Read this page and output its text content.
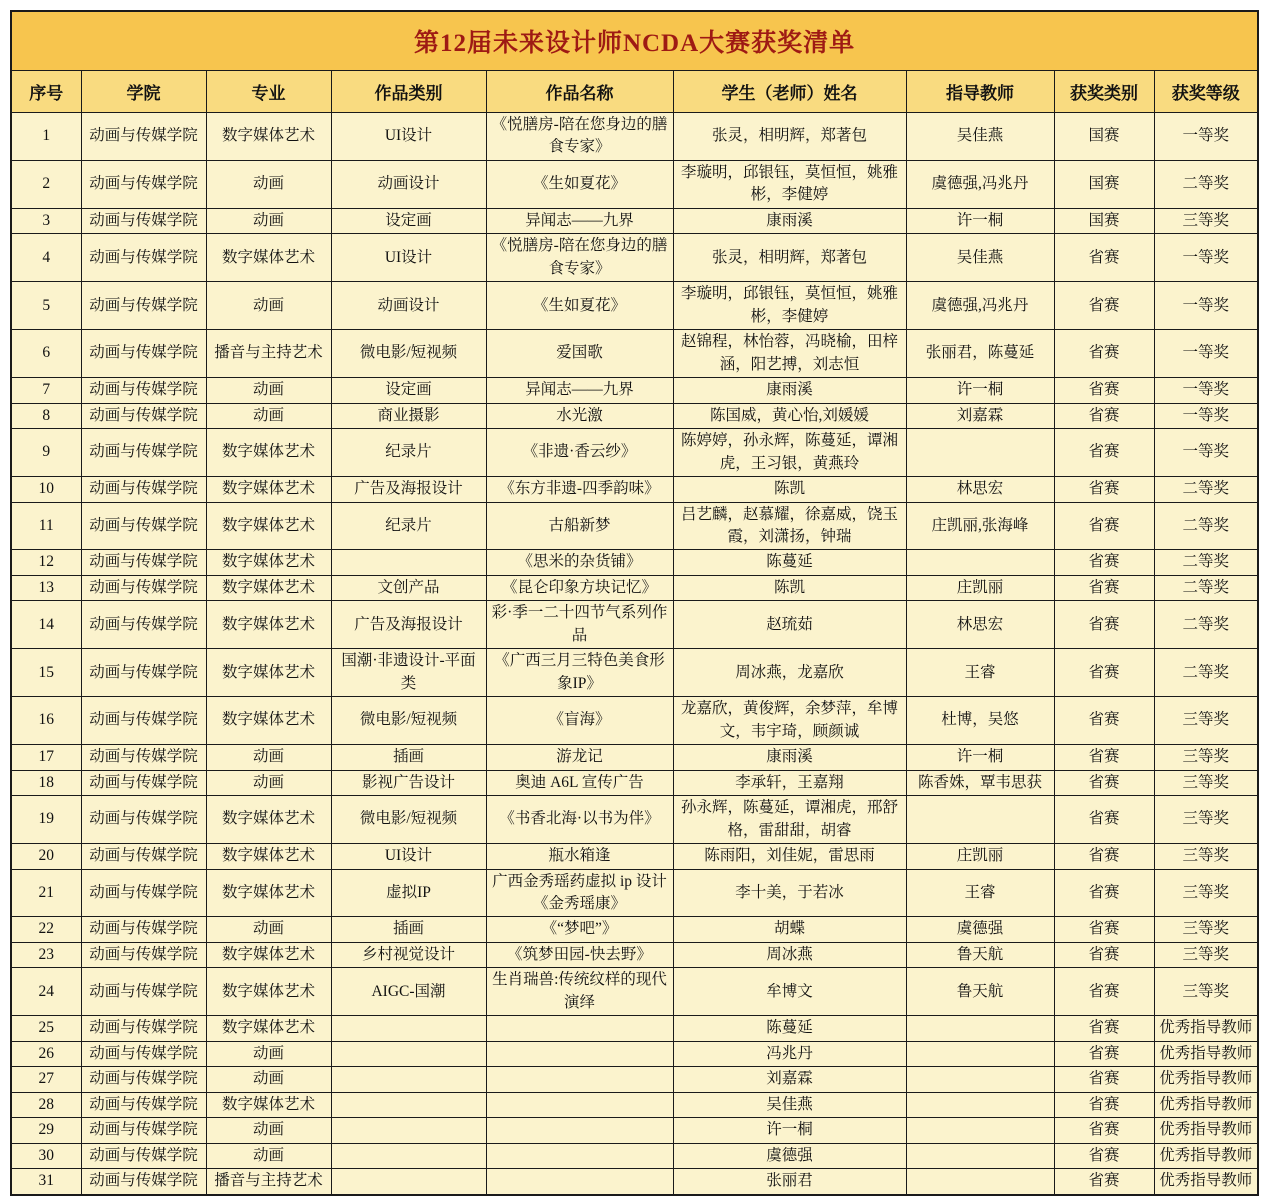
第12届未来设计师NCDA大赛获奖清单								
序号	学院	专业	作品类别	作品名称	学生（老师）姓名	指导教师	获奖类别	获奖等级
1	动画与传媒学院	数字媒体艺术	UI设计	《悦膳房-陪在您身边的膳食专家》	张灵，相明辉，郑著包	吴佳燕	国赛	一等奖
2	动画与传媒学院	动画	动画设计	《生如夏花》	李璇明，邱银钰，莫恒恒，姚雅彬，李健婷	虞德强,冯兆丹	国赛	二等奖
3	动画与传媒学院	动画	设定画	异闻志——九界	康雨溪	许一桐	国赛	三等奖
4	动画与传媒学院	数字媒体艺术	UI设计	《悦膳房-陪在您身边的膳食专家》	张灵，相明辉，郑著包	吴佳燕	省赛	一等奖
5	动画与传媒学院	动画	动画设计	《生如夏花》	李璇明，邱银钰，莫恒恒，姚雅彬，李健婷	虞德强,冯兆丹	省赛	一等奖
6	动画与传媒学院	播音与主持艺术	微电影/短视频	爱国歌	赵锦程，林怡蓉，冯晓榆，田梓涵，阳艺搏，刘志恒	张丽君，陈蔓延	省赛	一等奖
7	动画与传媒学院	动画	设定画	异闻志——九界	康雨溪	许一桐	省赛	一等奖
8	动画与传媒学院	动画	商业摄影	水光激	陈国威，黄心怡,刘媛媛	刘嘉霖	省赛	一等奖
9	动画与传媒学院	数字媒体艺术	纪录片	《非遗·香云纱》	陈婷婷，孙永辉，陈蔓延，谭湘虎，王习银，黄燕玲		省赛	一等奖
10	动画与传媒学院	数字媒体艺术	广告及海报设计	《东方非遗-四季韵味》	陈凯	林思宏	省赛	二等奖
11	动画与传媒学院	数字媒体艺术	纪录片	古船新梦	吕艺麟，赵慕耀，徐嘉威，饶玉霞，刘潇扬，钟瑞	庄凯丽,张海峰	省赛	二等奖
12	动画与传媒学院	数字媒体艺术		《思米的杂货铺》	陈蔓延		省赛	二等奖
13	动画与传媒学院	数字媒体艺术	文创产品	《昆仑印象方块记忆》	陈凯	庄凯丽	省赛	二等奖
14	动画与传媒学院	数字媒体艺术	广告及海报设计	彩·季一二十四节气系列作品	赵琉茹	林思宏	省赛	二等奖
15	动画与传媒学院	数字媒体艺术	国潮·非遗设计-平面类	《广西三月三特色美食形象IP》	周冰燕，龙嘉欣	王睿	省赛	二等奖
16	动画与传媒学院	数字媒体艺术	微电影/短视频	《盲海》	龙嘉欣，黄俊辉，余梦萍，牟博文，韦宇琦，顾颜诚	杜博，吴悠	省赛	三等奖
17	动画与传媒学院	动画	插画	游龙记	康雨溪	许一桐	省赛	三等奖
18	动画与传媒学院	动画	影视广告设计	奥迪 A6L 宣传广告	李承轩，王嘉翔	陈香姝，覃韦思获	省赛	三等奖
19	动画与传媒学院	数字媒体艺术	微电影/短视频	《书香北海·以书为伴》	孙永辉，陈蔓延，谭湘虎，邢舒格，雷甜甜，胡睿		省赛	三等奖
20	动画与传媒学院	数字媒体艺术	UI设计	瓶水箱逢	陈雨阳，刘佳妮，雷思雨	庄凯丽	省赛	三等奖
21	动画与传媒学院	数字媒体艺术	虚拟IP	广西金秀瑶药虚拟 ip 设计《金秀瑶康》	李十美，于若冰	王睿	省赛	三等奖
22	动画与传媒学院	动画	插画	《“梦吧”》	胡蝶	虞德强	省赛	三等奖
23	动画与传媒学院	数字媒体艺术	乡村视觉设计	《筑梦田园-快去野》	周冰燕	鲁天航	省赛	三等奖
24	动画与传媒学院	数字媒体艺术	AIGC-国潮	生肖瑞兽:传统纹样的现代演绎	牟博文	鲁天航	省赛	三等奖
25	动画与传媒学院	数字媒体艺术			陈蔓延		省赛	优秀指导教师
26	动画与传媒学院	动画			冯兆丹		省赛	优秀指导教师
27	动画与传媒学院	动画			刘嘉霖		省赛	优秀指导教师
28	动画与传媒学院	数字媒体艺术			吴佳燕		省赛	优秀指导教师
29	动画与传媒学院	动画			许一桐		省赛	优秀指导教师
30	动画与传媒学院	动画			虞德强		省赛	优秀指导教师
31	动画与传媒学院	播音与主持艺术			张丽君		省赛	优秀指导教师
